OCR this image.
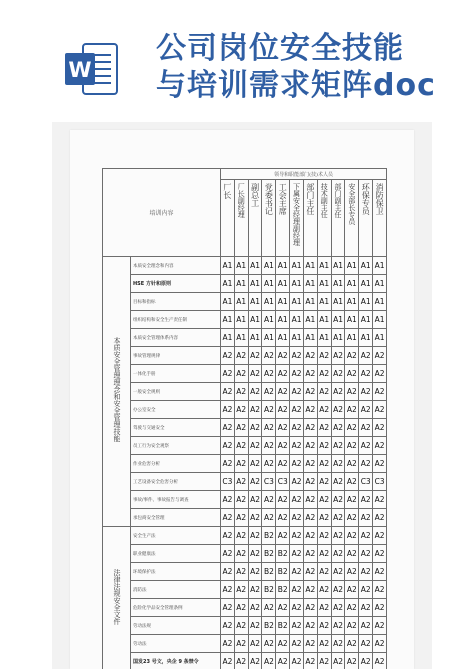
W
公司岗位安全技能
与培训需求矩阵doc
培训内容		领导和职能部门(技)术人员											
		厂长	厂长副经理	副总工	党委书记	工会主席	下属安全经理副经理	部门主任	技术副主任	部门副主任	安全部长专员	环保专员	消防保卫
本质安全管理理念和安全管理技能	本质安全理念和内容	A1	A1	A1	A1	A1	A1	A1	A1	A1	A1	A1	A1
	HSE 方针和原则	A1	A1	A1	A1	A1	A1	A1	A1	A1	A1	A1	A1
	目标和指标	A1	A1	A1	A1	A1	A1	A1	A1	A1	A1	A1	A1
	组织结构和安全生产责任制	A1	A1	A1	A1	A1	A1	A1	A1	A1	A1	A1	A1
	本质安全管理体系内容	A1	A1	A1	A1	A1	A1	A1	A1	A1	A1	A1	A1
	事故管理规律	A2	A2	A2	A2	A2	A2	A2	A2	A2	A2	A2	A2
	一体化手册	A2	A2	A2	A2	A2	A2	A2	A2	A2	A2	A2	A2
	一般安全规则	A2	A2	A2	A2	A2	A2	A2	A2	A2	A2	A2	A2
	办公室安全	A2	A2	A2	A2	A2	A2	A2	A2	A2	A2	A2	A2
	驾驶与交通安全	A2	A2	A2	A2	A2	A2	A2	A2	A2	A2	A2	A2
	员工行为安全观察	A2	A2	A2	A2	A2	A2	A2	A2	A2	A2	A2	A2
	作业危害分析	A2	A2	A2	A2	A2	A2	A2	A2	A2	A2	A2	A2
	工艺设备安全危害分析	C3	A2	A2	C3	C3	A2	A2	A2	A2	A2	C3	C3
	事故/事件、事故报告与调查	A2	A2	A2	A2	A2	A2	A2	A2	A2	A2	A2	A2
	承包商安全管理	A2	A2	A2	A2	A2	A2	A2	A2	A2	A2	A2	A2
法律法规安全文件	安全生产法	A2	A2	A2	B2	A2	A2	A2	A2	A2	A2	A2	A2
	职业健康法	A2	A2	A2	B2	B2	A2	A2	A2	A2	A2	A2	A2
	环境保护法	A2	A2	A2	B2	B2	A2	A2	A2	A2	A2	A2	A2
	消防法	A2	A2	A2	B2	B2	A2	A2	A2	A2	A2	A2	A2
	危险化学品安全管理条例	A2	A2	A2	A2	A2	A2	A2	A2	A2	A2	A2	A2
	劳动法规	A2	A2	A2	B2	B2	A2	A2	A2	A2	A2	A2	A2
	劳动法	A2	A2	A2	A2	A2	A2	A2	A2	A2	A2	A2	A2
	国发23 号文，央企 9 条禁令	A2	A2	A2	A2	A2	A2	A2	A2	A2	A2	A2	A2
